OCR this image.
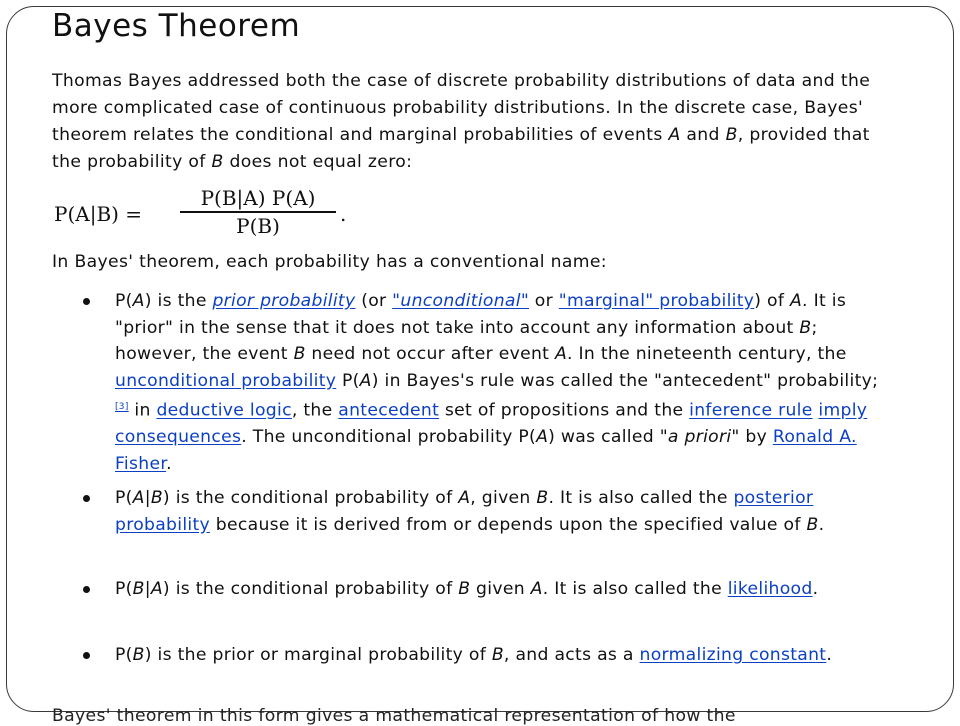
Bayes Theorem
Thomas Bayes addressed both the case of discrete probability distributions of data and the more complicated case of continuous probability distributions. In the discrete case, Bayes' theorem relates the conditional and marginal probabilities of events A and B, provided that the probability of B does not equal zero:
P(A|B) =
P(B|A) P(A)
P(B)	.
In Bayes' theorem, each probability has a conventional name:
P(A) is the prior probability (or "unconditional" or "marginal" probability) of A. It is "prior" in the sense that it does not take into account any information about B; however, the event B need not occur after event A. In the nineteenth century, the unconditional probability P(A) in Bayes's rule was called the "antecedent" probability;[3] in deductive logic, the antecedent set of propositions and the inference rule imply consequences. The unconditional probability P(A) was called "a priori" by Ronald A. Fisher.
P(A|B) is the conditional probability of A, given B. It is also called the posterior probability because it is derived from or depends upon the specified value of B.
P(B|A) is the conditional probability of B given A. It is also called the likelihood.
P(B) is the prior or marginal probability of B, and acts as a normalizing constant.
Bayes' theorem in this form gives a mathematical representation of how the
